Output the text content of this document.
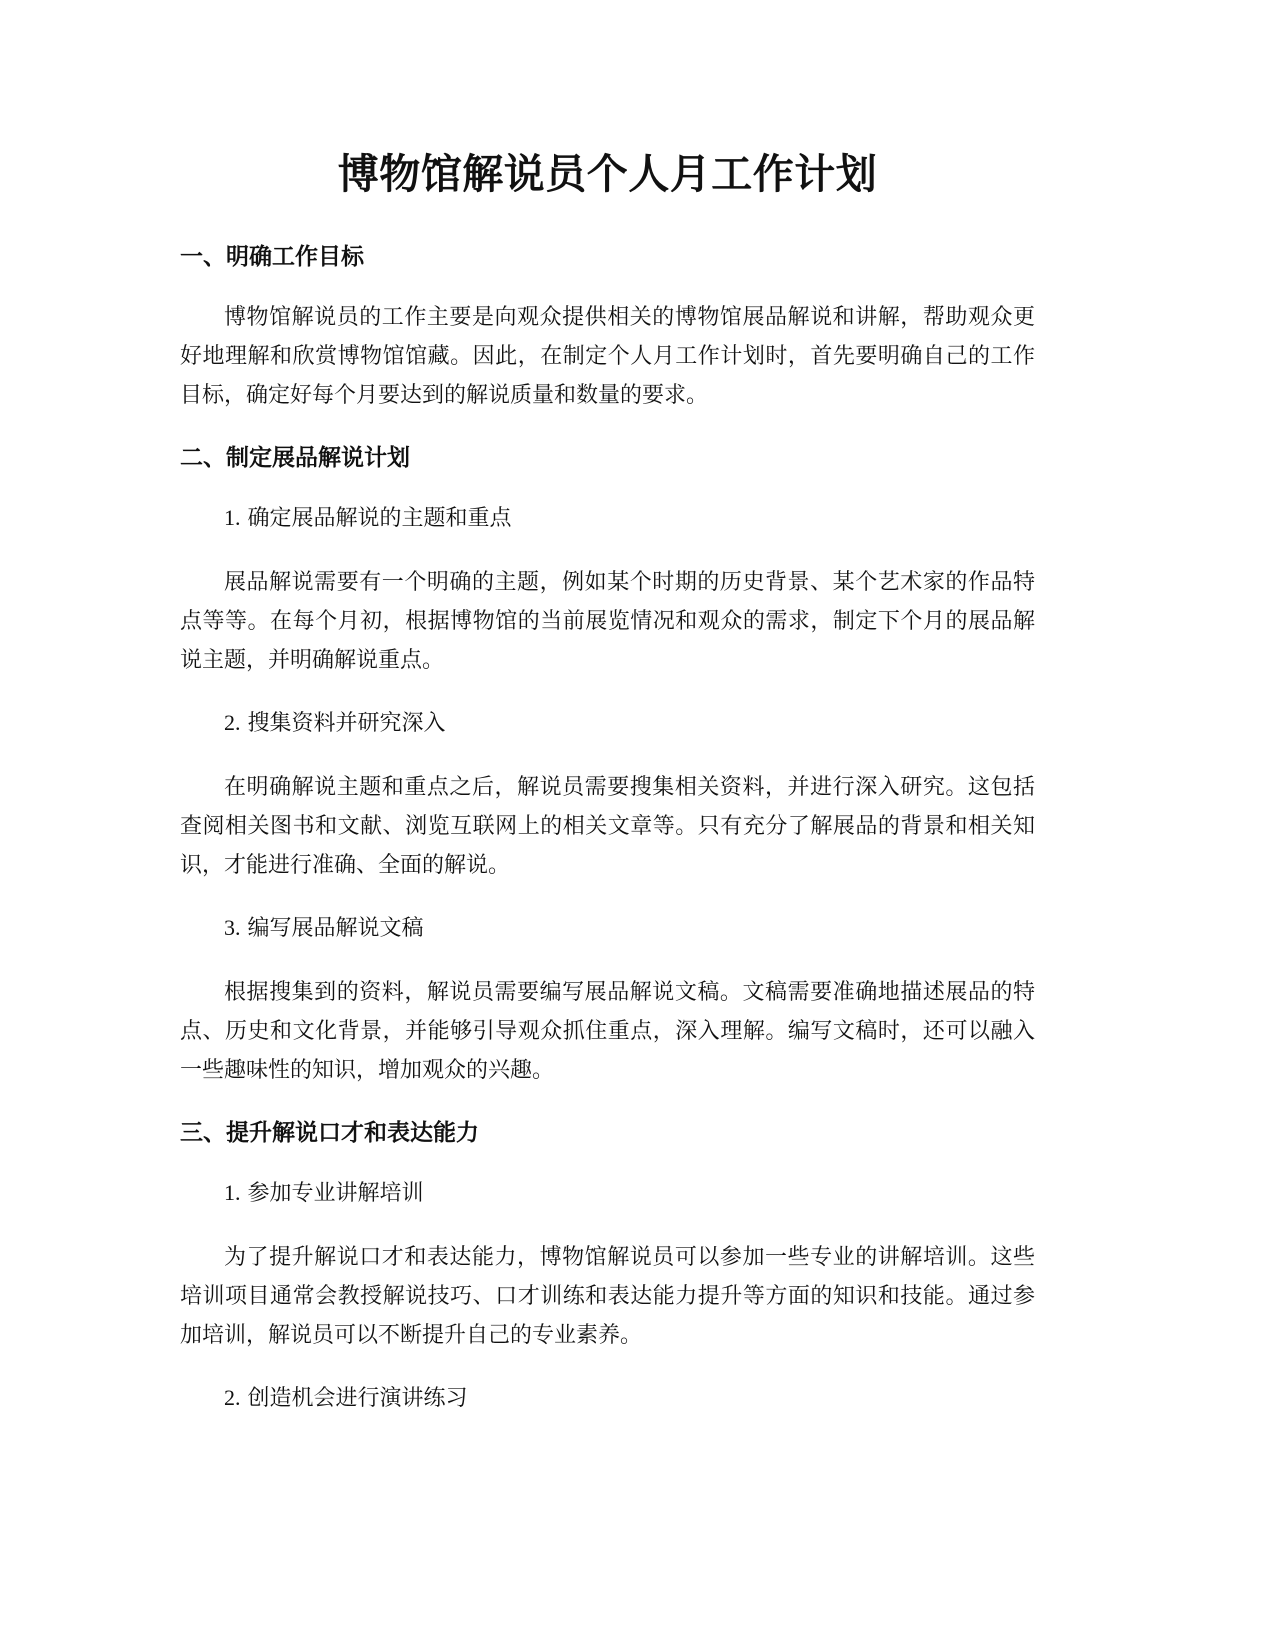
博物馆解说员个人月工作计划
一、明确工作目标

博物馆解说员的工作主要是向观众提供相关的博物馆展品解说和讲解，帮助观众更好地理解和欣赏博物馆馆藏。因此，在制定个人月工作计划时，首先要明确自己的工作目标，确定好每个月要达到的解说质量和数量的要求。

二、制定展品解说计划
1. 确定展品解说的主题和重点

展品解说需要有一个明确的主题，例如某个时期的历史背景、某个艺术家的作品特点等等。在每个月初，根据博物馆的当前展览情况和观众的需求，制定下个月的展品解说主题，并明确解说重点。

2. 搜集资料并研究深入

在明确解说主题和重点之后，解说员需要搜集相关资料，并进行深入研究。这包括查阅相关图书和文献、浏览互联网上的相关文章等。只有充分了解展品的背景和相关知识，才能进行准确、全面的解说。

3. 编写展品解说文稿

根据搜集到的资料，解说员需要编写展品解说文稿。文稿需要准确地描述展品的特点、历史和文化背景，并能够引导观众抓住重点，深入理解。编写文稿时，还可以融入一些趣味性的知识，增加观众的兴趣。

三、提升解说口才和表达能力
1. 参加专业讲解培训

为了提升解说口才和表达能力，博物馆解说员可以参加一些专业的讲解培训。这些培训项目通常会教授解说技巧、口才训练和表达能力提升等方面的知识和技能。通过参加培训，解说员可以不断提升自己的专业素养。

2. 创造机会进行演讲练习
